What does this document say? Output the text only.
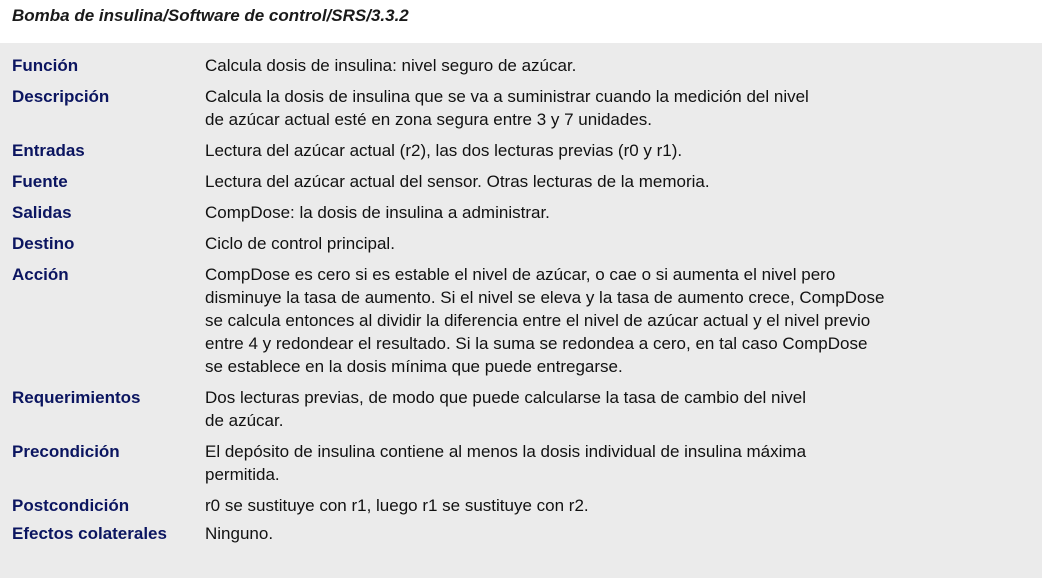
Bomba de insulina/Software de control/SRS/3.3.2
Función	Calcula dosis de insulina: nivel seguro de azúcar.
Descripción	Calcula la dosis de insulina que se va a suministrar cuando la medición del nivel
de azúcar actual esté en zona segura entre 3 y 7 unidades.
Entradas	Lectura del azúcar actual (r2), las dos lecturas previas (r0 y r1).
Fuente	Lectura del azúcar actual del sensor. Otras lecturas de la memoria.
Salidas	CompDose: la dosis de insulina a administrar.
Destino	Ciclo de control principal.
Acción	CompDose es cero si es estable el nivel de azúcar, o cae o si aumenta el nivel pero
disminuye la tasa de aumento. Si el nivel se eleva y la tasa de aumento crece, CompDose
se calcula entonces al dividir la diferencia entre el nivel de azúcar actual y el nivel previo
entre 4 y redondear el resultado. Si la suma se redondea a cero, en tal caso CompDose
se establece en la dosis mínima que puede entregarse.
Requerimientos	Dos lecturas previas, de modo que puede calcularse la tasa de cambio del nivel
de azúcar.
Precondición	El depósito de insulina contiene al menos la dosis individual de insulina máxima
permitida.
Postcondición	r0 se sustituye con r1, luego r1 se sustituye con r2.
Efectos colaterales	Ninguno.
